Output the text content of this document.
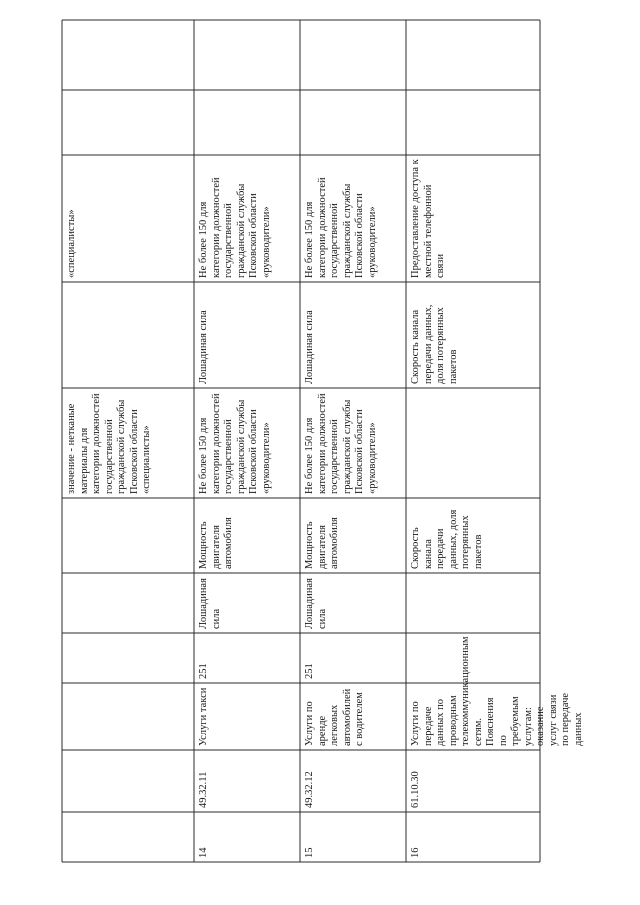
значение - нетканые материалы для категории должностей государственной гражданской службы Псковской области «специалисты»
«специалисты»
14
49.32.11
Услуги такси
251
Лошадиная сила
Мощность двигателя автомобиля
Не более 150 для категории должностей государственной гражданской службы Псковской области «руководители»
Лошадиная сила
Не более 150 для категории должностей государственной гражданской службы Псковской области «руководители»
15
49.32.12
Услуги по аренде легковых автомобилей с водителем
251
Лошадиная сила
Мощность двигателя автомобиля
Не более 150 для категории должностей государственной гражданской службы Псковской области «руководители»
Лошадиная сила
Не более 150 для категории должностей государственной гражданской службы Псковской области «руководители»
16
61.10.30
Услуги по передаче данных по проводным телекоммуникационным сетям. Пояснения по требуемым услугам: оказание услуг связи по передаче данных
Скорость канала передачи данных, доля потерянных пакетов
Скорость канала передачи данных, доля потерянных пакетов
Предоставление доступа к местной телефонной связи
